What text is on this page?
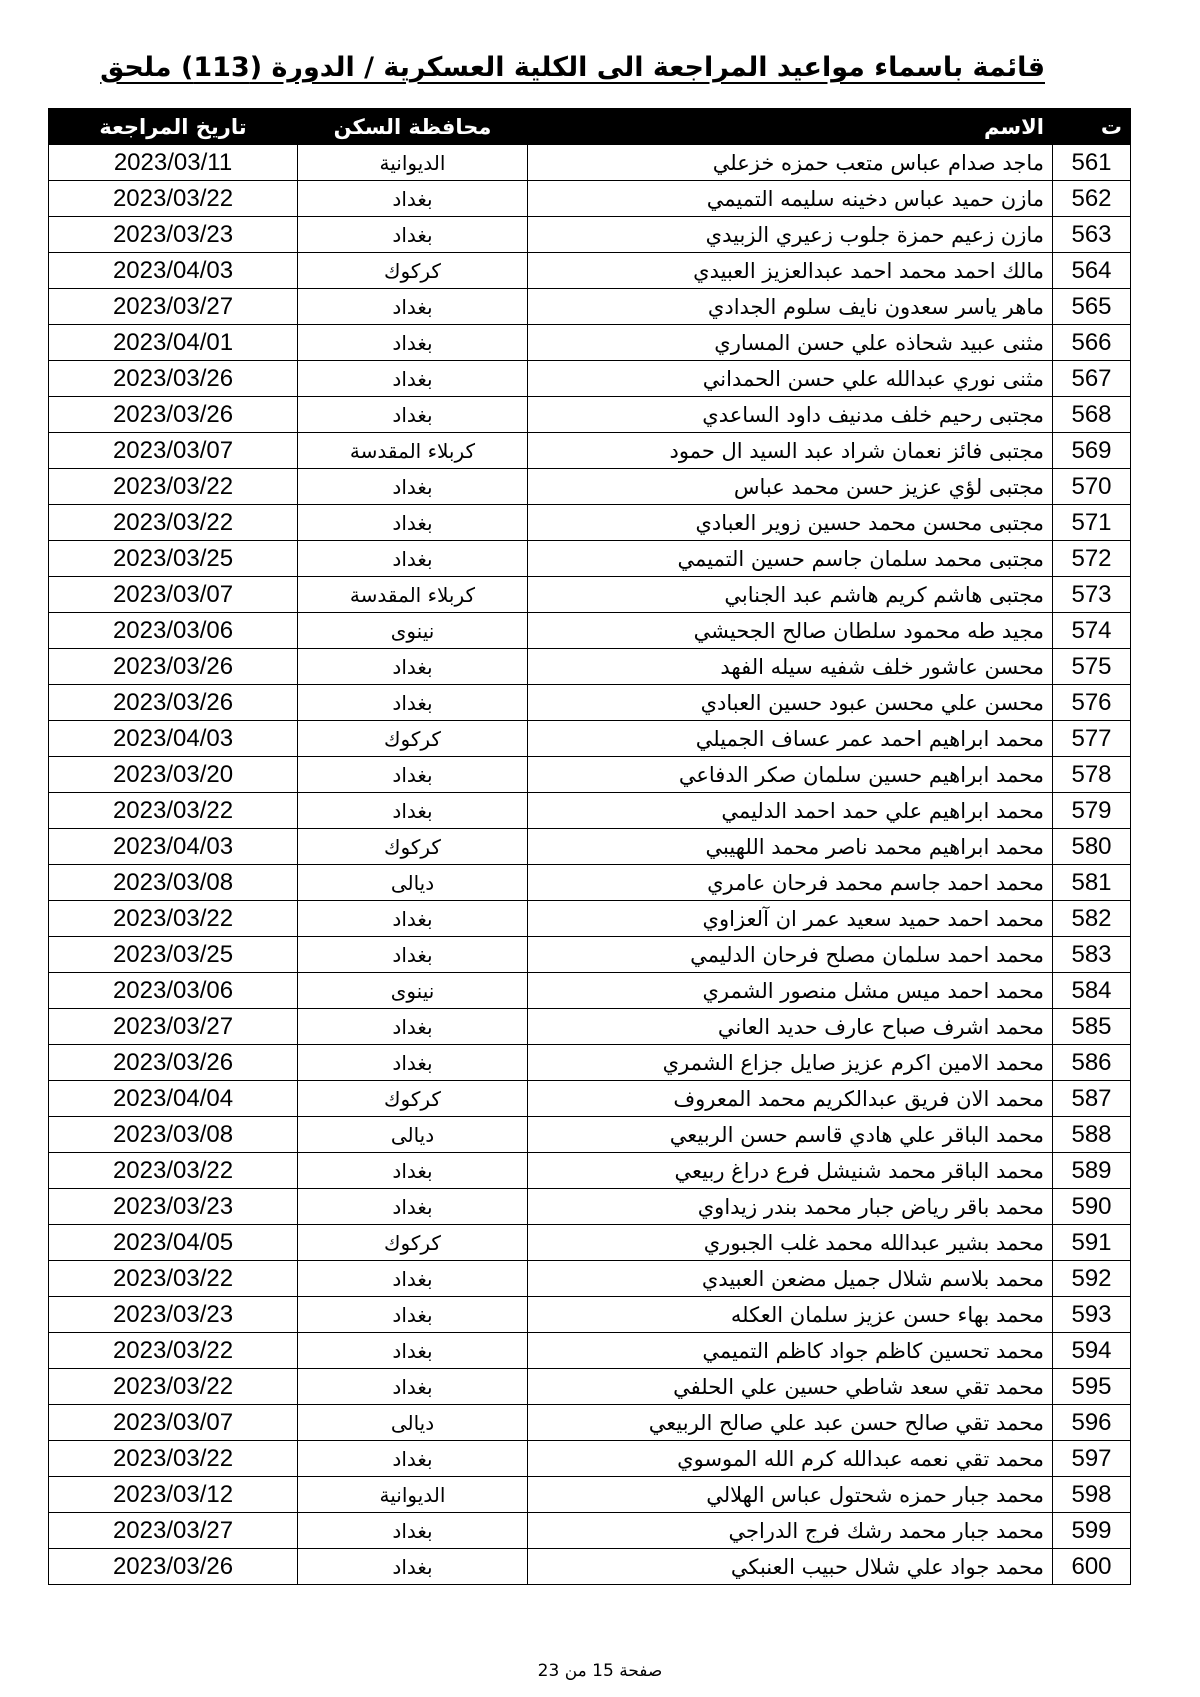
قائمة باسماء مواعيد المراجعة الى الكلية العسكرية / الدورة (113) ملحق
ت	الاسم	محافظة السكن	تاريخ المراجعة
561	ماجد صدام عباس متعب حمزه خزعلي	الديوانية	2023/03/11
562	مازن حميد عباس دخينه سليمه التميمي	بغداد	2023/03/22
563	مازن زعيم حمزة جلوب زعيري الزبيدي	بغداد	2023/03/23
564	مالك احمد محمد احمد عبدالعزيز العبيدي	كركوك	2023/04/03
565	ماهر ياسر سعدون نايف سلوم الجدادي	بغداد	2023/03/27
566	مثنى عبيد شحاذه علي حسن المساري	بغداد	2023/04/01
567	مثنى نوري عبدالله علي حسن الحمداني	بغداد	2023/03/26
568	مجتبى رحيم خلف مدنيف داود الساعدي	بغداد	2023/03/26
569	مجتبى فائز نعمان شراد عبد السيد ال حمود	كربلاء المقدسة	2023/03/07
570	مجتبى لؤي عزيز حسن محمد عباس	بغداد	2023/03/22
571	مجتبى محسن محمد حسين زوير العبادي	بغداد	2023/03/22
572	مجتبى محمد سلمان جاسم حسين التميمي	بغداد	2023/03/25
573	مجتبى هاشم كريم هاشم عبد الجنابي	كربلاء المقدسة	2023/03/07
574	مجيد طه محمود سلطان صالح الجحيشي	نينوى	2023/03/06
575	محسن عاشور خلف شفيه سيله الفهد	بغداد	2023/03/26
576	محسن علي محسن عبود حسين العبادي	بغداد	2023/03/26
577	محمد ابراهيم احمد عمر عساف الجميلي	كركوك	2023/04/03
578	محمد ابراهيم حسين سلمان صكر الدفاعي	بغداد	2023/03/20
579	محمد ابراهيم علي حمد احمد الدليمي	بغداد	2023/03/22
580	محمد ابراهيم محمد ناصر محمد اللهيبي	كركوك	2023/04/03
581	محمد احمد جاسم محمد فرحان عامري	ديالى	2023/03/08
582	محمد احمد حميد سعيد عمر ان آلعزاوي	بغداد	2023/03/22
583	محمد احمد سلمان مصلح فرحان الدليمي	بغداد	2023/03/25
584	محمد احمد ميس مشل منصور الشمري	نينوى	2023/03/06
585	محمد اشرف صباح عارف حديد العاني	بغداد	2023/03/27
586	محمد الامين اكرم عزيز صايل جزاع الشمري	بغداد	2023/03/26
587	محمد الان فريق عبدالكريم محمد المعروف	كركوك	2023/04/04
588	محمد الباقر علي هادي قاسم حسن الربيعي	ديالى	2023/03/08
589	محمد الباقر محمد شنيشل فرع دراغ ربيعي	بغداد	2023/03/22
590	محمد باقر رياض جبار محمد بندر زيداوي	بغداد	2023/03/23
591	محمد بشير عبدالله محمد غلب الجبوري	كركوك	2023/04/05
592	محمد بلاسم شلال جميل مضعن العبيدي	بغداد	2023/03/22
593	محمد بهاء حسن عزيز سلمان العكله	بغداد	2023/03/23
594	محمد تحسين كاظم جواد كاظم التميمي	بغداد	2023/03/22
595	محمد تقي سعد شاطي حسين علي الحلفي	بغداد	2023/03/22
596	محمد تقي صالح حسن عبد علي صالح الربيعي	ديالى	2023/03/07
597	محمد تقي نعمه عبدالله كرم الله الموسوي	بغداد	2023/03/22
598	محمد جبار حمزه شحتول عباس الهلالي	الديوانية	2023/03/12
599	محمد جبار محمد رشك فرج الدراجي	بغداد	2023/03/27
600	محمد جواد علي شلال حبيب العنبكي	بغداد	2023/03/26
صفحة 15 من 23
